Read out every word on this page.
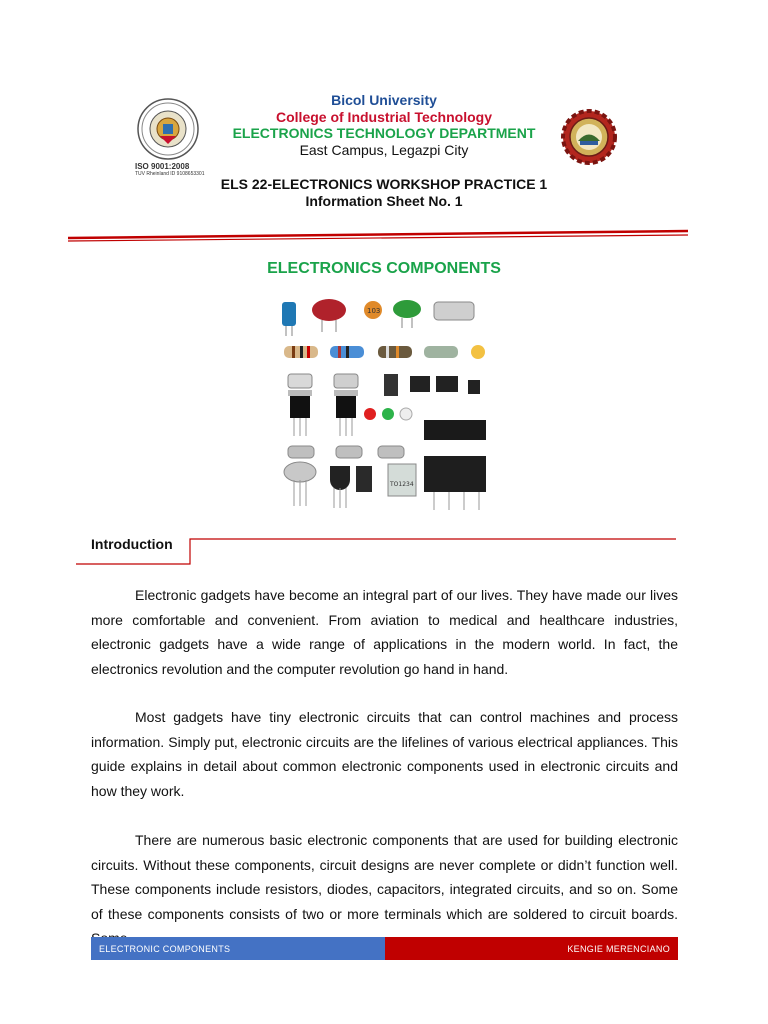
ISO 9001:2008
TUV Rheinland ID 9108653301
Bicol University
College of Industrial Technology
ELECTRONICS TECHNOLOGY DEPARTMENT
East Campus, Legazpi City
ELS 22-ELECTRONICS WORKSHOP PRACTICE 1
Information Sheet No. 1
ELECTRONICS COMPONENTS
103
TO1234
Introduction

Electronic gadgets have become an integral part of our lives. They have made our lives more comfortable and convenient. From aviation to medical and healthcare industries, electronic gadgets have a wide range of applications in the modern world. In fact, the electronics revolution and the computer revolution go hand in hand.

Most gadgets have tiny electronic circuits that can control machines and process information. Simply put, electronic circuits are the lifelines of various electrical appliances. This guide explains in detail about common electronic components used in electronic circuits and how they work.

There are numerous basic electronic components that are used for building electronic circuits. Without these components, circuit designs are never complete or didn’t function well. These components include resistors, diodes, capacitors, integrated circuits, and so on. Some of these components consists of two or more terminals which are soldered to circuit boards.

ELECTRONIC COMPONENTS	KENGIE MERENCIANO
